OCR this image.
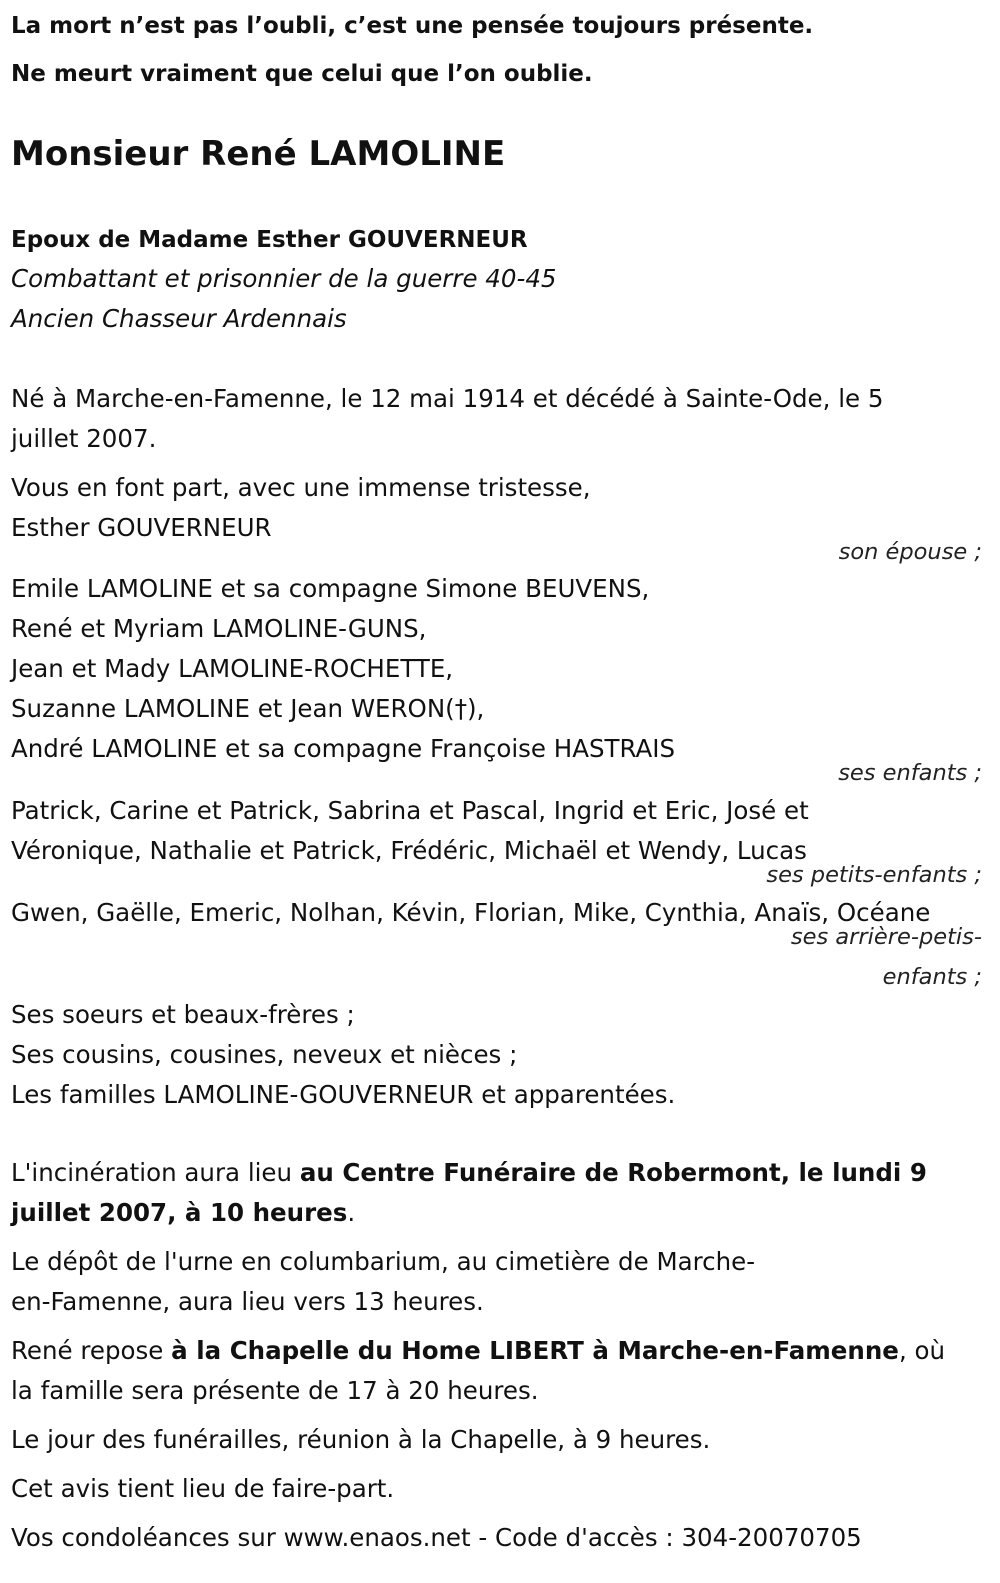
La mort n’est pas l’oubli, c’est une pensée toujours présente.
Ne meurt vraiment que celui que l’on oublie.
Monsieur René LAMOLINE
Epoux de Madame Esther GOUVERNEUR
Combattant et prisonnier de la guerre 40-45
Ancien Chasseur Ardennais
Né à Marche-en-Famenne, le 12 mai 1914 et décédé à Sainte-Ode, le 5
juillet 2007.
Vous en font part, avec une immense tristesse,
Esther GOUVERNEUR
son épouse ;
Emile LAMOLINE et sa compagne Simone BEUVENS,
René et Myriam LAMOLINE-GUNS,
Jean et Mady LAMOLINE-ROCHETTE,
Suzanne LAMOLINE et Jean WERON(†),
André LAMOLINE et sa compagne Françoise HASTRAIS
ses enfants ;
Patrick, Carine et Patrick, Sabrina et Pascal, Ingrid et Eric, José et
Véronique, Nathalie et Patrick, Frédéric, Michaël et Wendy, Lucas
ses petits-enfants ;
Gwen, Gaëlle, Emeric, Nolhan, Kévin, Florian, Mike, Cynthia, Anaïs, Océane
ses arrière-petis-
enfants ;
Ses soeurs et beaux-frères ;
Ses cousins, cousines, neveux et nièces ;
Les familles LAMOLINE-GOUVERNEUR et apparentées.
L'incinération aura lieu au Centre Funéraire de Robermont, le lundi 9
juillet 2007, à 10 heures.
Le dépôt de l'urne en columbarium, au cimetière de Marche-
en-Famenne, aura lieu vers 13 heures.
René repose à la Chapelle du Home LIBERT à Marche-en-Famenne, où
la famille sera présente de 17 à 20 heures.
Le jour des funérailles, réunion à la Chapelle, à 9 heures.
Cet avis tient lieu de faire-part.
Vos condoléances sur www.enaos.net - Code d'accès : 304-20070705
